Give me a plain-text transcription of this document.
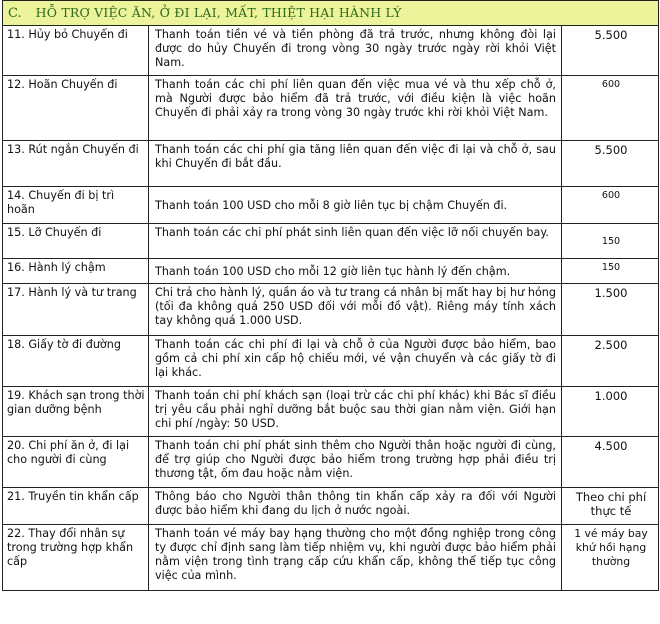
C. HỖ TRỢ VIỆC ĂN, Ở ĐI LẠI, MẤT, THIỆT HẠI HÀNH LÝ		
11. Hủy bỏ Chuyến đi	Thanh toán tiền vé và tiền phòng đã trả trước, nhưng không đòi lại được do hủy Chuyến đi trong vòng 30 ngày trước ngày rời khỏi Việt Nam.	5.500
12. Hoãn Chuyến đi	Thanh toán các chi phí liên quan đến việc mua vé và thu xếp chỗ ở, mà Người được bảo hiểm đã trả trước, với điều kiện là việc hoãn Chuyến đi phải xảy ra trong vòng 30 ngày trước khi rời khỏi Việt Nam.	600
13. Rút ngắn Chuyến đi	Thanh toán các chi phí gia tăng liên quan đến việc đi lại và chỗ ở, sau khi Chuyến đi bắt đầu.	5.500
14. Chuyến đi bị trì hoãn	Thanh toán 100 USD cho mỗi 8 giờ liên tục bị chậm Chuyến đi.	600
15. Lỡ Chuyến đi	Thanh toán các chi phí phát sinh liên quan đến việc lỡ nối chuyến bay.	150
16. Hành lý chậm	Thanh toán 100 USD cho mỗi 12 giờ liên tục hành lý đến chậm.	150
17. Hành lý và tư trang	Chi trả cho hành lý, quần áo và tư trang cá nhân bị mất hay bị hư hỏng (tối đa không quá 250 USD đối với mỗi đồ vật). Riêng máy tính xách tay không quá 1.000 USD.	1.500
18. Giấy tờ đi đường	Thanh toán các chi phí đi lại và chỗ ở của Người được bảo hiểm, bao gồm cả chi phí xin cấp hộ chiếu mới, vé vận chuyển và các giấy tờ đi lại khác.	2.500
19. Khách sạn trong thời gian dưỡng bệnh	Thanh toán chi phí khách sạn (loại trừ các chi phí khác) khi Bác sĩ điều trị yêu cầu phải nghỉ dưỡng bắt buộc sau thời gian nằm viện. Giới hạn chi phí /ngày: 50 USD.	1.000
20. Chi phí ăn ở, đi lại cho người đi cùng	Thanh toán chi phí phát sinh thêm cho Người thân hoặc người đi cùng, để trợ giúp cho Người được bảo hiểm trong trường hợp phải điều trị thương tật, ốm đau hoặc nằm viện.	4.500
21. Truyền tin khẩn cấp	Thông báo cho Người thân thông tin khẩn cấp xảy ra đối với Người được bảo hiểm khi đang du lịch ở nước ngoài.	Theo chi phí thực tế
22. Thay đổi nhân sự trong trường hợp khẩn cấp	Thanh toán vé máy bay hạng thường cho một đồng nghiệp trong công ty được chỉ định sang làm tiếp nhiệm vụ, khi người được bảo hiểm phải nằm viện trong tình trạng cấp cứu khẩn cấp, không thể tiếp tục công việc của mình.	1 vé máy bay khứ hồi hạng thường
